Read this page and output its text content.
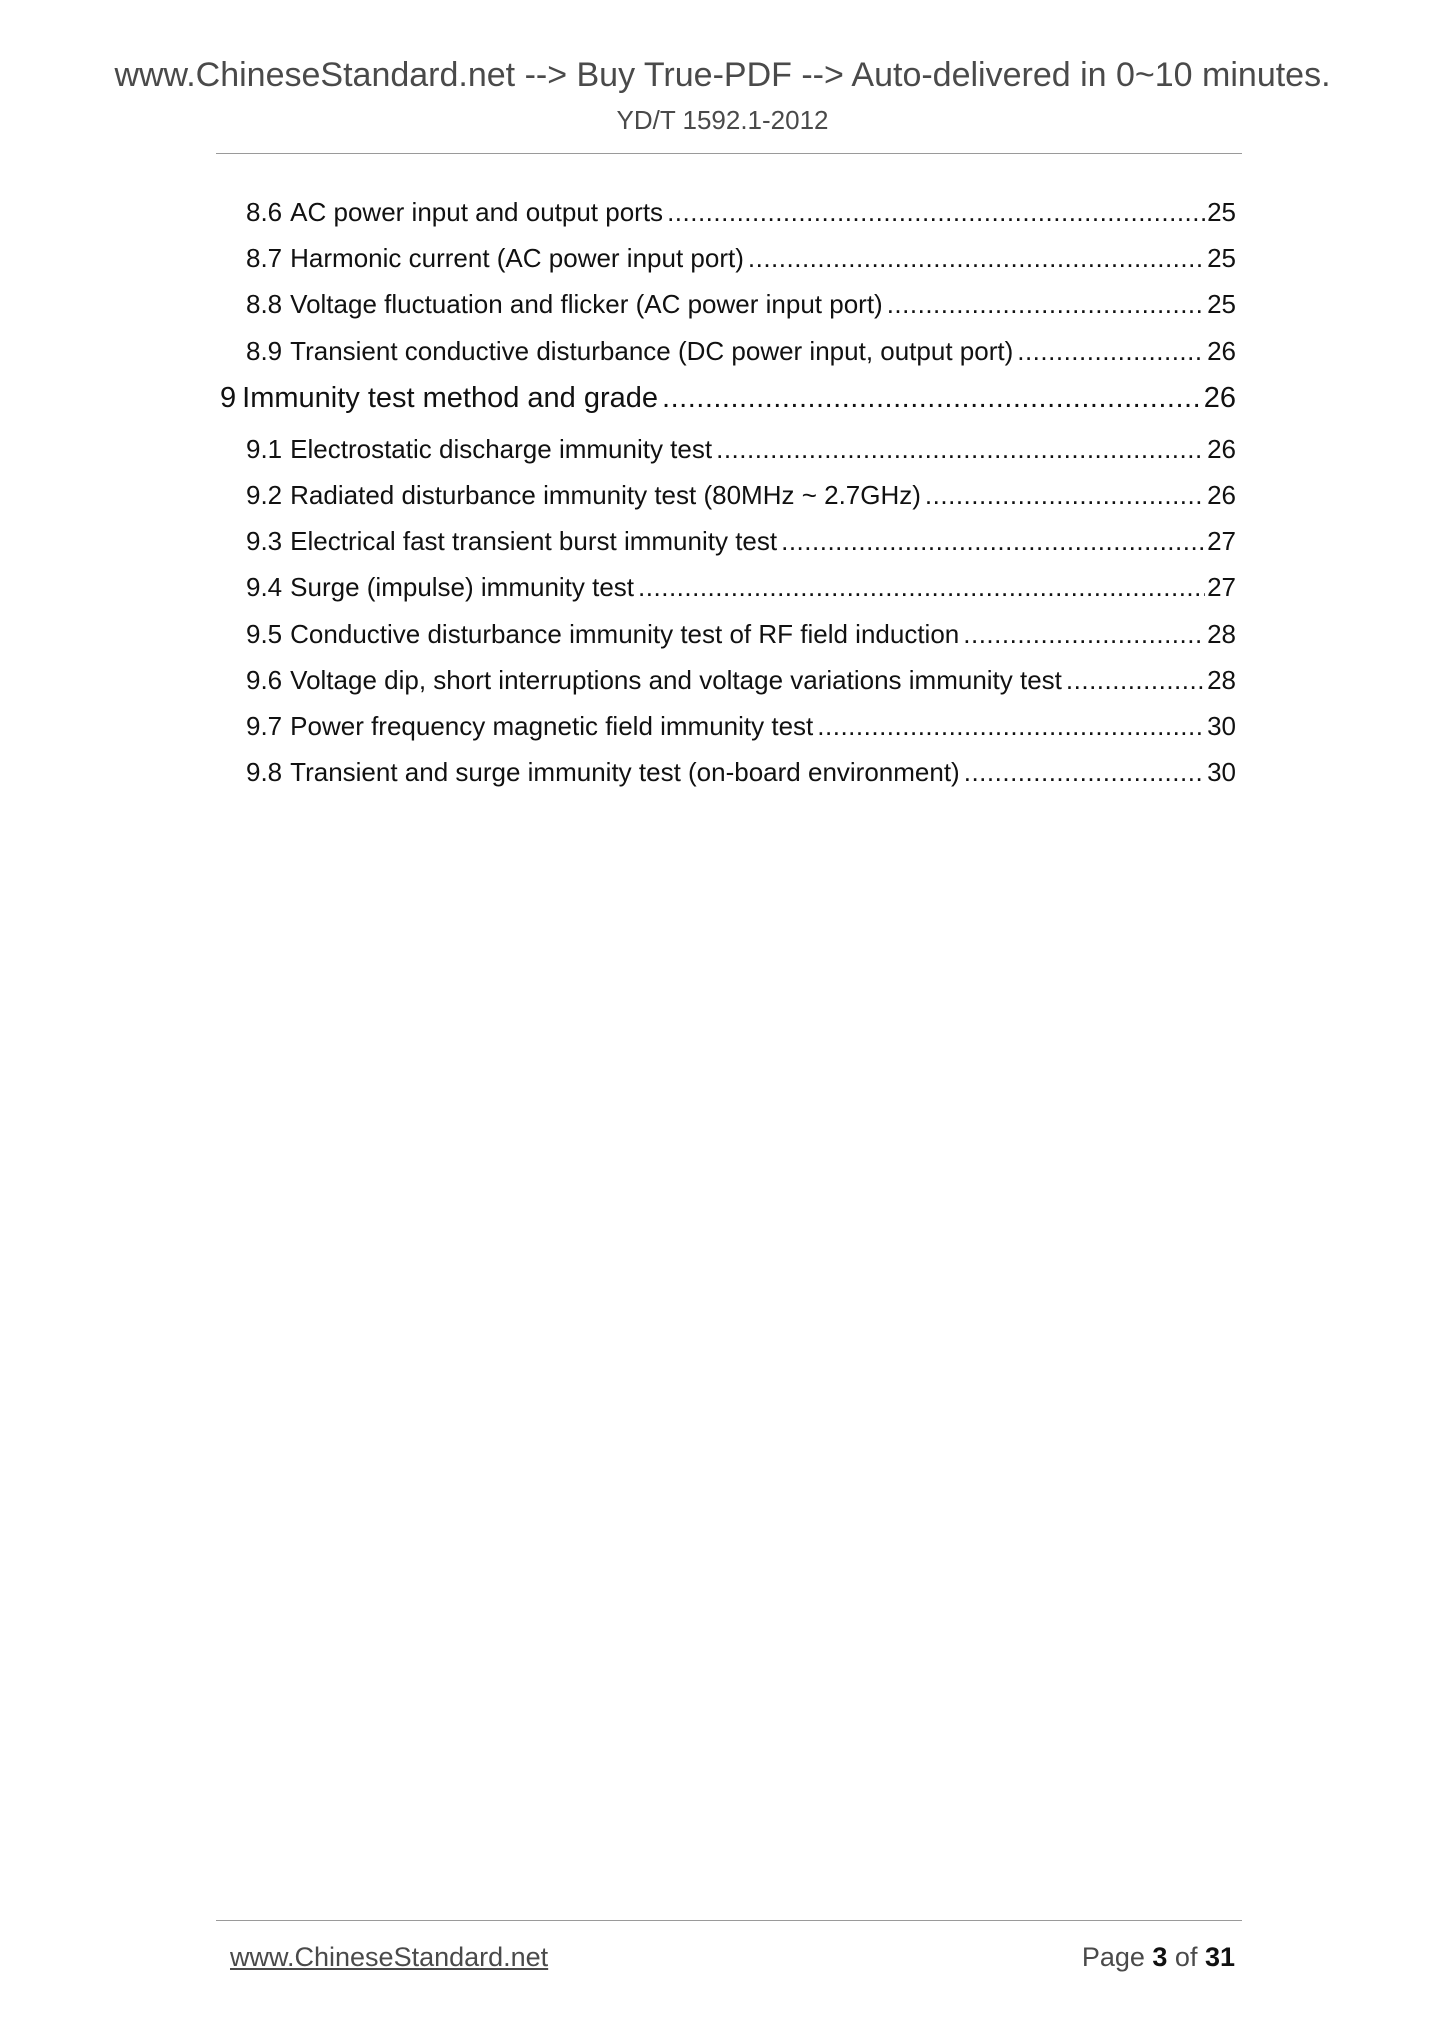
www.ChineseStandard.net --> Buy True-PDF --> Auto-delivered in 0~10 minutes.
YD/T 1592.1-2012
8.6 AC power input and output ports .....	25
8.7 Harmonic current (AC power input port) .....	25
8.8 Voltage fluctuation and flicker (AC power input port) .....	25
8.9 Transient conductive disturbance (DC power input, output port) .....	26
9 Immunity test method and grade .....	26
9.1 Electrostatic discharge immunity test .....	26
9.2 Radiated disturbance immunity test (80MHz ~ 2.7GHz) .....	26
9.3 Electrical fast transient burst immunity test .....	27
9.4 Surge (impulse) immunity test .....	27
9.5 Conductive disturbance immunity test of RF field induction .....	28
9.6 Voltage dip, short interruptions and voltage variations immunity test .....	28
9.7 Power frequency magnetic field immunity test .....	30
9.8 Transient and surge immunity test (on-board environment) .....	30
www.ChineseStandard.net	Page 3 of 31
